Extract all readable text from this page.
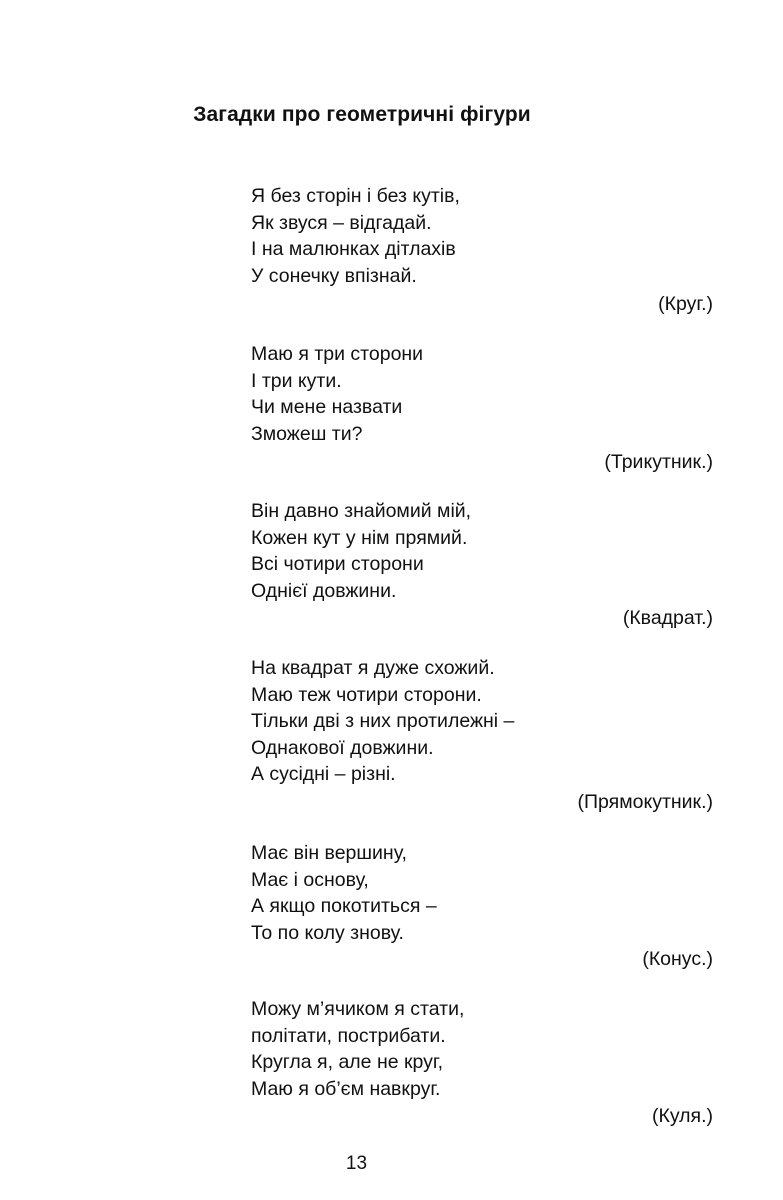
Загадки про геометричні фігури
Я без сторін і без кутів,
Як звуся – відгадай.
І на малюнках дітлахів
У сонечку впізнай.
(Круг.)
Маю я три сторони
І три кути.
Чи мене назвати
Зможеш ти?
(Трикутник.)
Він давно знайомий мій,
Кожен кут у нім прямий.
Всі чотири сторони
Однієї довжини.
(Квадрат.)
На квадрат я дуже схожий.
Маю теж чотири сторони.
Тільки дві з них протилежні –
Однакової довжини.
А сусідні – різні.
(Прямокутник.)
Має він вершину,
Має і основу,
А якщо покотиться –
То по колу знову.
(Конус.)
Можу м’ячиком я стати,
політати, пострибати.
Кругла я, але не круг,
Маю я об’єм навкруг.
(Куля.)
13
